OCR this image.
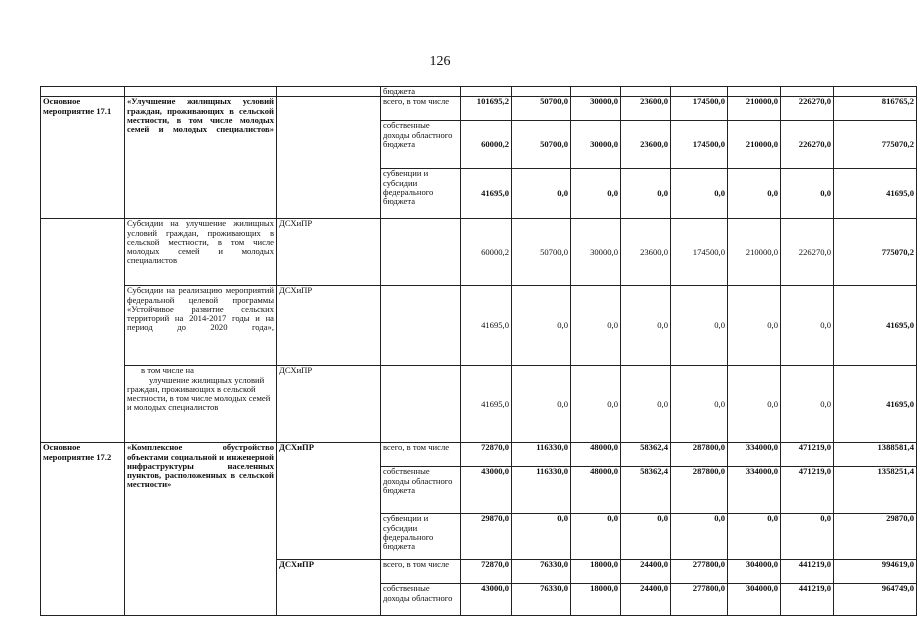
126
			бюджета								
Основное мероприятие 17.1	«Улучшение жилищных условий граждан, проживающих в сельской местности, в том числе молодых семей и молодых специалистов»		всего, в том числе	101695,2	50700,0	30000,0	23600,0	174500,0	210000,0	226270,0	816765,2
			собственные доходы областного бюджета	60000,2	50700,0	30000,0	23600,0	174500,0	210000,0	226270,0	775070,2
			субвенции и субсидии федерального бюджета	41695,0	0,0	0,0	0,0	0,0	0,0	0,0	41695,0
	Субсидии на улучшение жилищных условий граждан, проживающих в сельской местности, в том числе молодых семей и молодых специалистов	ДСХиПР		60000,2	50700,0	30000,0	23600,0	174500,0	210000,0	226270,0	775070,2
	Субсидии на реализацию мероприятий федеральной целевой программы «Устойчивое развитие сельских территорий на 2014-2017 годы и на период до 2020 года»,	ДСХиПР		41695,0	0,0	0,0	0,0	0,0	0,0	0,0	41695,0

	в том числе на
улучшение жилищных условий граждан, проживающих в сельской местности, в том числе молодых семей и молодых специалистов	ДСХиПР		41695,0	0,0	0,0	0,0	0,0	0,0	0,0	41695,0
Основное мероприятие 17.2	«Комплексное обустройство объектами социальной и инженерной инфраструктуры населенных пунктов, расположенных в сельской местности»	ДСХиПР	всего, в том числе	72870,0	116330,0	48000,0	58362,4	287800,0	334000,0	471219,0	1388581,4
			собственные доходы областного бюджета	43000,0	116330,0	48000,0	58362,4	287800,0	334000,0	471219,0	1358251,4
			субвенции и субсидии федерального бюджета	29870,0	0,0	0,0	0,0	0,0	0,0	0,0	29870,0
		ДСХиПР	всего, в том числе	72870,0	76330,0	18000,0	24400,0	277800,0	304000,0	441219,0	994619,0
			собственные доходы областного	43000,0	76330,0	18000,0	24400,0	277800,0	304000,0	441219,0	964749,0
